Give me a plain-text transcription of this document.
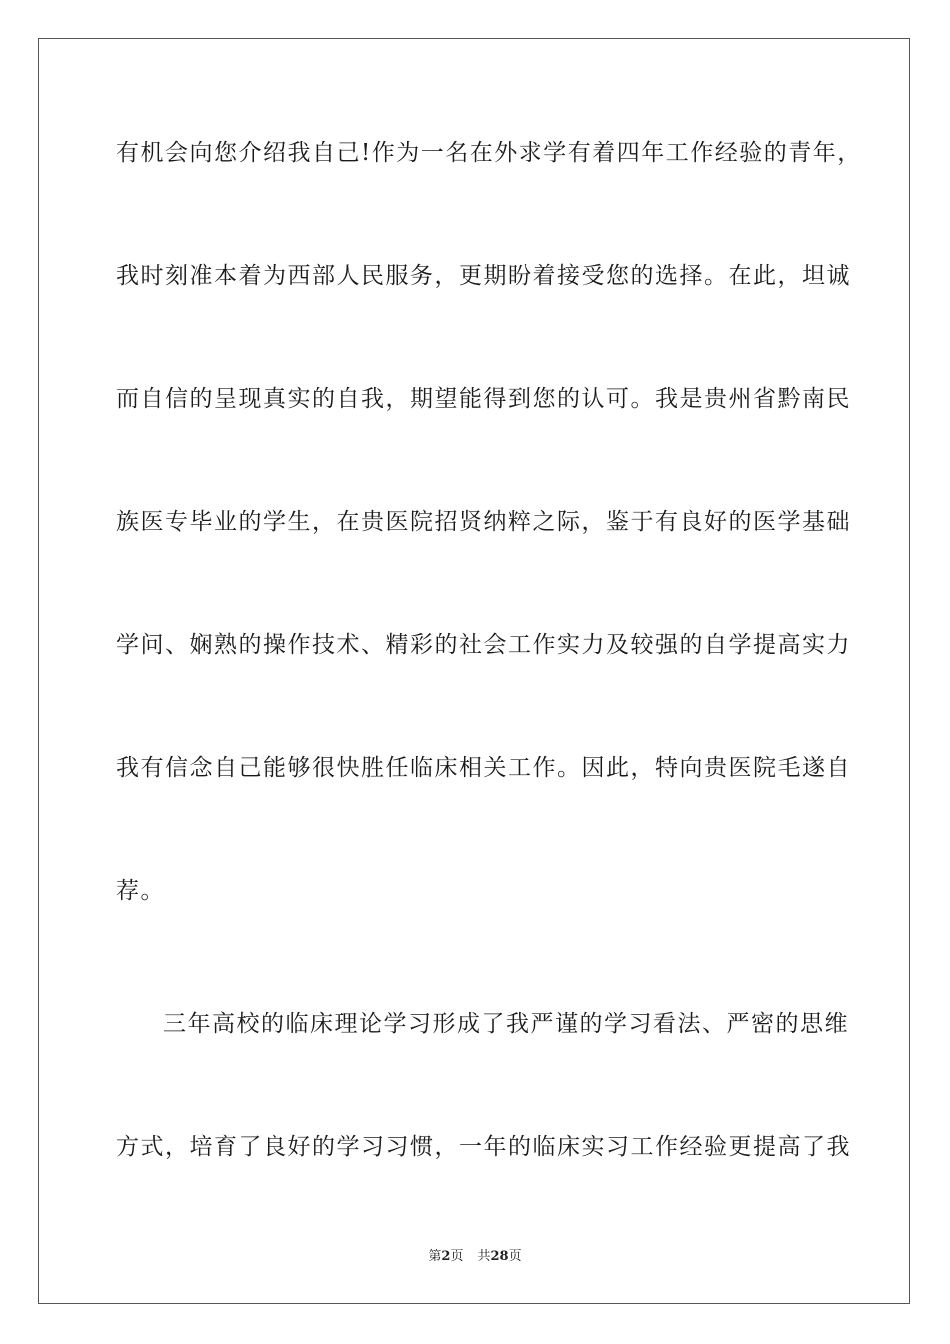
有机会向您介绍我自己!作为一名在外求学有着四年工作经验的青年，
我时刻准本着为西部人民服务，更期盼着接受您的选择。在此，坦诚
而自信的呈现真实的自我，期望能得到您的认可。我是贵州省黔南民
族医专毕业的学生，在贵医院招贤纳粹之际，鉴于有良好的医学基础
学问、娴熟的操作技术、精彩的社会工作实力及较强的自学提高实力
我有信念自己能够很快胜任临床相关工作。因此，特向贵医院毛遂自
荐。
三年高校的临床理论学习形成了我严谨的学习看法、严密的思维
方式，培育了良好的学习习惯，一年的临床实习工作经验更提高了我
第2页 共28页
